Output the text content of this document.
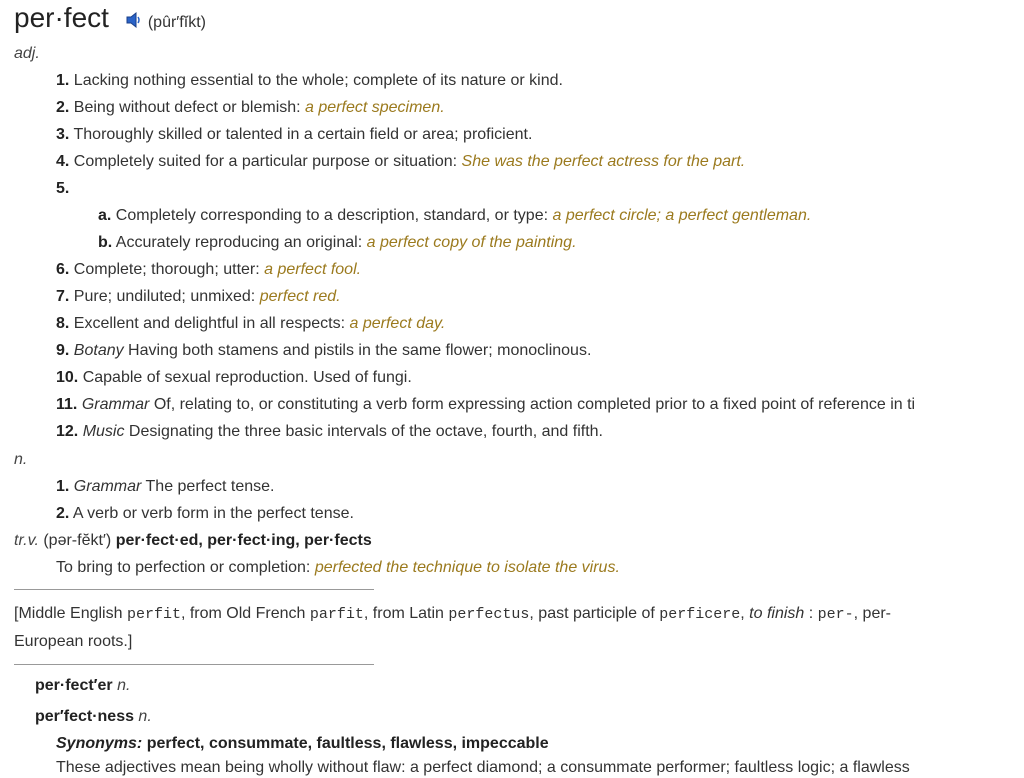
per·fect (pûr′fĭkt)
adj.
1. Lacking nothing essential to the whole; complete of its nature or kind.
2. Being without defect or blemish: a perfect specimen.
3. Thoroughly skilled or talented in a certain field or area; proficient.
4. Completely suited for a particular purpose or situation: She was the perfect actress for the part.
5.
a. Completely corresponding to a description, standard, or type: a perfect circle; a perfect gentleman.
b. Accurately reproducing an original: a perfect copy of the painting.
6. Complete; thorough; utter: a perfect fool.
7. Pure; undiluted; unmixed: perfect red.
8. Excellent and delightful in all respects: a perfect day.
9. Botany Having both stamens and pistils in the same flower; monoclinous.
10. Capable of sexual reproduction. Used of fungi.
11. Grammar Of, relating to, or constituting a verb form expressing action completed prior to a fixed point of reference in ti
12. Music Designating the three basic intervals of the octave, fourth, and fifth.
n.
1. Grammar The perfect tense.
2. A verb or verb form in the perfect tense.
tr.v. (pər-fĕkt′) per·fect·ed, per·fect·ing, per·fects
To bring to perfection or completion: perfected the technique to isolate the virus.
[Middle English perfit, from Old French parfit, from Latin perfectus, past participle of perficere, to finish : per-, per-
European roots.]
per·fect′er n.
per′fect·ness n.
Synonyms: perfect, consummate, faultless, flawless, impeccable
These adjectives mean being wholly without flaw: a perfect diamond; a consummate performer; faultless logic; a flawless
